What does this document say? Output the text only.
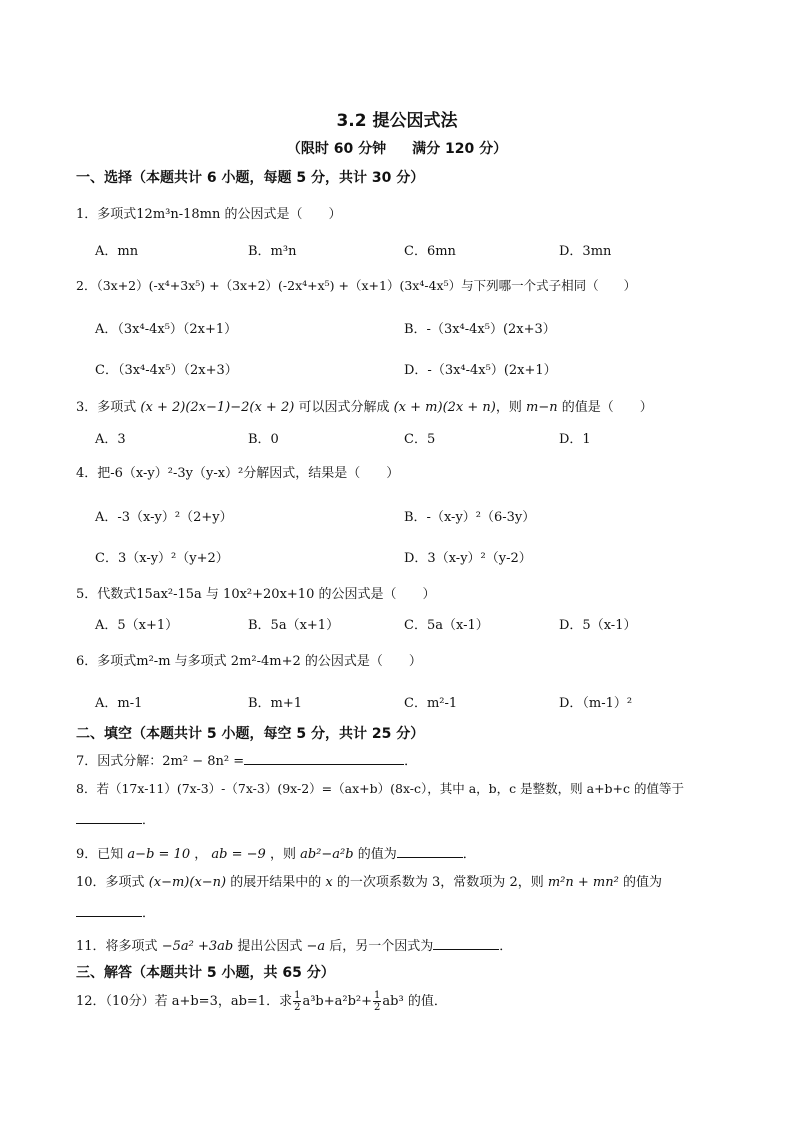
3.2 提公因式法
（限时 60 分钟 满分 120 分）
一、选择（本题共计 6 小题，每题 5 分，共计 30 分）
1．多项式12m³n-18mn 的公因式是（　　）
A．mn	B．m³n	C．6mn	D．3mn
2．（3x+2）(-x⁴+3x⁵) +（3x+2）(-2x⁴+x⁵) +（x+1）(3x⁴-4x⁵）与下列哪一个式子相同（　　）
A．（3x⁴-4x⁵）（2x+1）	B．-（3x⁴-4x⁵）(2x+3）
C．（3x⁴-4x⁵）（2x+3）	D．-（3x⁴-4x⁵）(2x+1）
3．多项式 (x + 2)(2x−1)−2(x + 2) 可以因式分解成 (x + m)(2x + n)，则 m−n 的值是（　　）
A．3	B．0	C．5	D．1
4．把-6（x-y）²-3y（y-x）²分解因式，结果是（　　）
A．-3（x-y）²（2+y）	B．-（x-y）²（6-3y）
C．3（x-y）²（y+2）	D．3（x-y）²（y-2）
5．代数式15ax²-15a 与 10x²+20x+10 的公因式是（　　）
A．5（x+1）	B．5a（x+1）	C．5a（x-1）	D．5（x-1）
6．多项式m²-m 与多项式 2m²-4m+2 的公因式是（　　）
A．m-1	B．m+1	C．m²-1	D．（m-1）²
二、填空（本题共计 5 小题，每空 5 分，共计 25 分）
7．因式分解：2m² − 8n² =	．
8．若（17x-11）(7x-3）-（7x-3）(9x-2）=（ax+b）(8x-c），其中 a，b，c 是整数，则 a+b+c 的值等于．
9．已知 a−b = 10 ， ab = −9 ，则 ab²−a²b 的值为	．
10．多项式 (x−m)(x−n) 的展开结果中的 x 的一次项系数为 3，常数项为 2，则 m²n + mn² 的值为．
11．将多项式 −5a² +3ab 提出公因式 −a 后，另一个因式为	．
三、解答（本题共计 5 小题，共 65 分）
12．（10分）若 a+b=3，ab=1．求 $\frac{1}{2} a^3b+a^2b^2+ \frac{1}{2} ab^3$ 的值．
